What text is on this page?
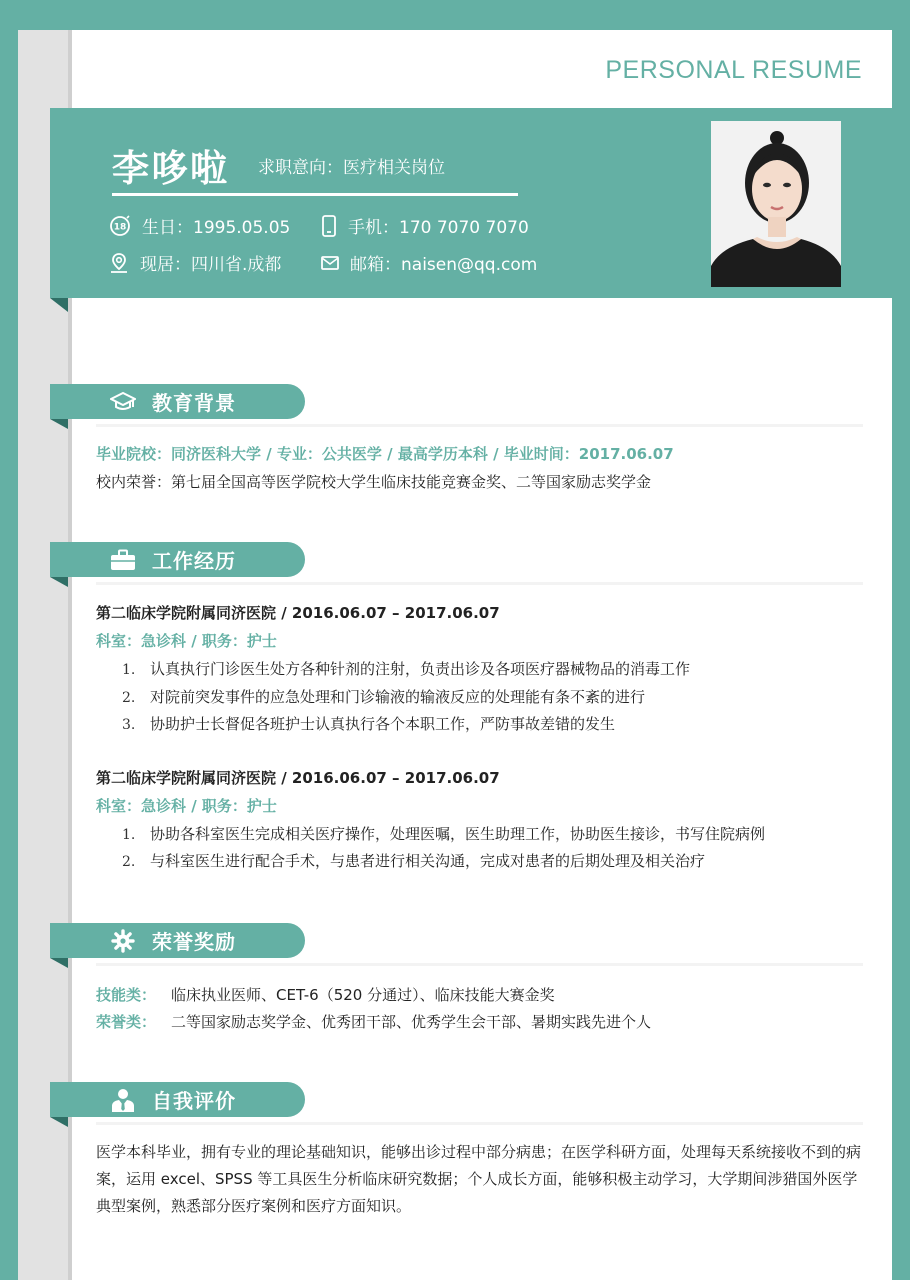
PERSONAL RESUME
李哆啦 求职意向：医疗相关岗位
18 生日：1995.05.05	手机：170 7070 7070
现居：四川省.成都	邮箱：naisen@qq.com
教育背景
毕业院校：同济医科大学 / 专业：公共医学 / 最高学历本科 / 毕业时间：2017.06.07
校内荣誉：第七届全国高等医学院校大学生临床技能竞赛金奖、二等国家励志奖学金
工作经历
第二临床学院附属同济医院 / 2016.06.07 – 2017.06.07
科室：急诊科 / 职务：护士
1. 认真执行门诊医生处方各种针剂的注射，负责出诊及各项医疗器械物品的消毒工作
2. 对院前突发事件的应急处理和门诊输液的输液反应的处理能有条不紊的进行
3. 协助护士长督促各班护士认真执行各个本职工作，严防事故差错的发生
第二临床学院附属同济医院 / 2016.06.07 – 2017.06.07
科室：急诊科 / 职务：护士
1. 协助各科室医生完成相关医疗操作，处理医嘱，医生助理工作，协助医生接诊，书写住院病例
2. 与科室医生进行配合手术，与患者进行相关沟通，完成对患者的后期处理及相关治疗
荣誉奖励
技能类： 临床执业医师、CET-6（520 分通过）、临床技能大赛金奖
荣誉类： 二等国家励志奖学金、优秀团干部、优秀学生会干部、暑期实践先进个人
自我评价
医学本科毕业，拥有专业的理论基础知识，能够出诊过程中部分病患；在医学科研方面，处理每天系统接收不到的病案，运用 excel、SPSS 等工具医生分析临床研究数据；个人成长方面，能够积极主动学习，大学期间涉猎国外医学典型案例，熟悉部分医疗案例和医疗方面知识。
